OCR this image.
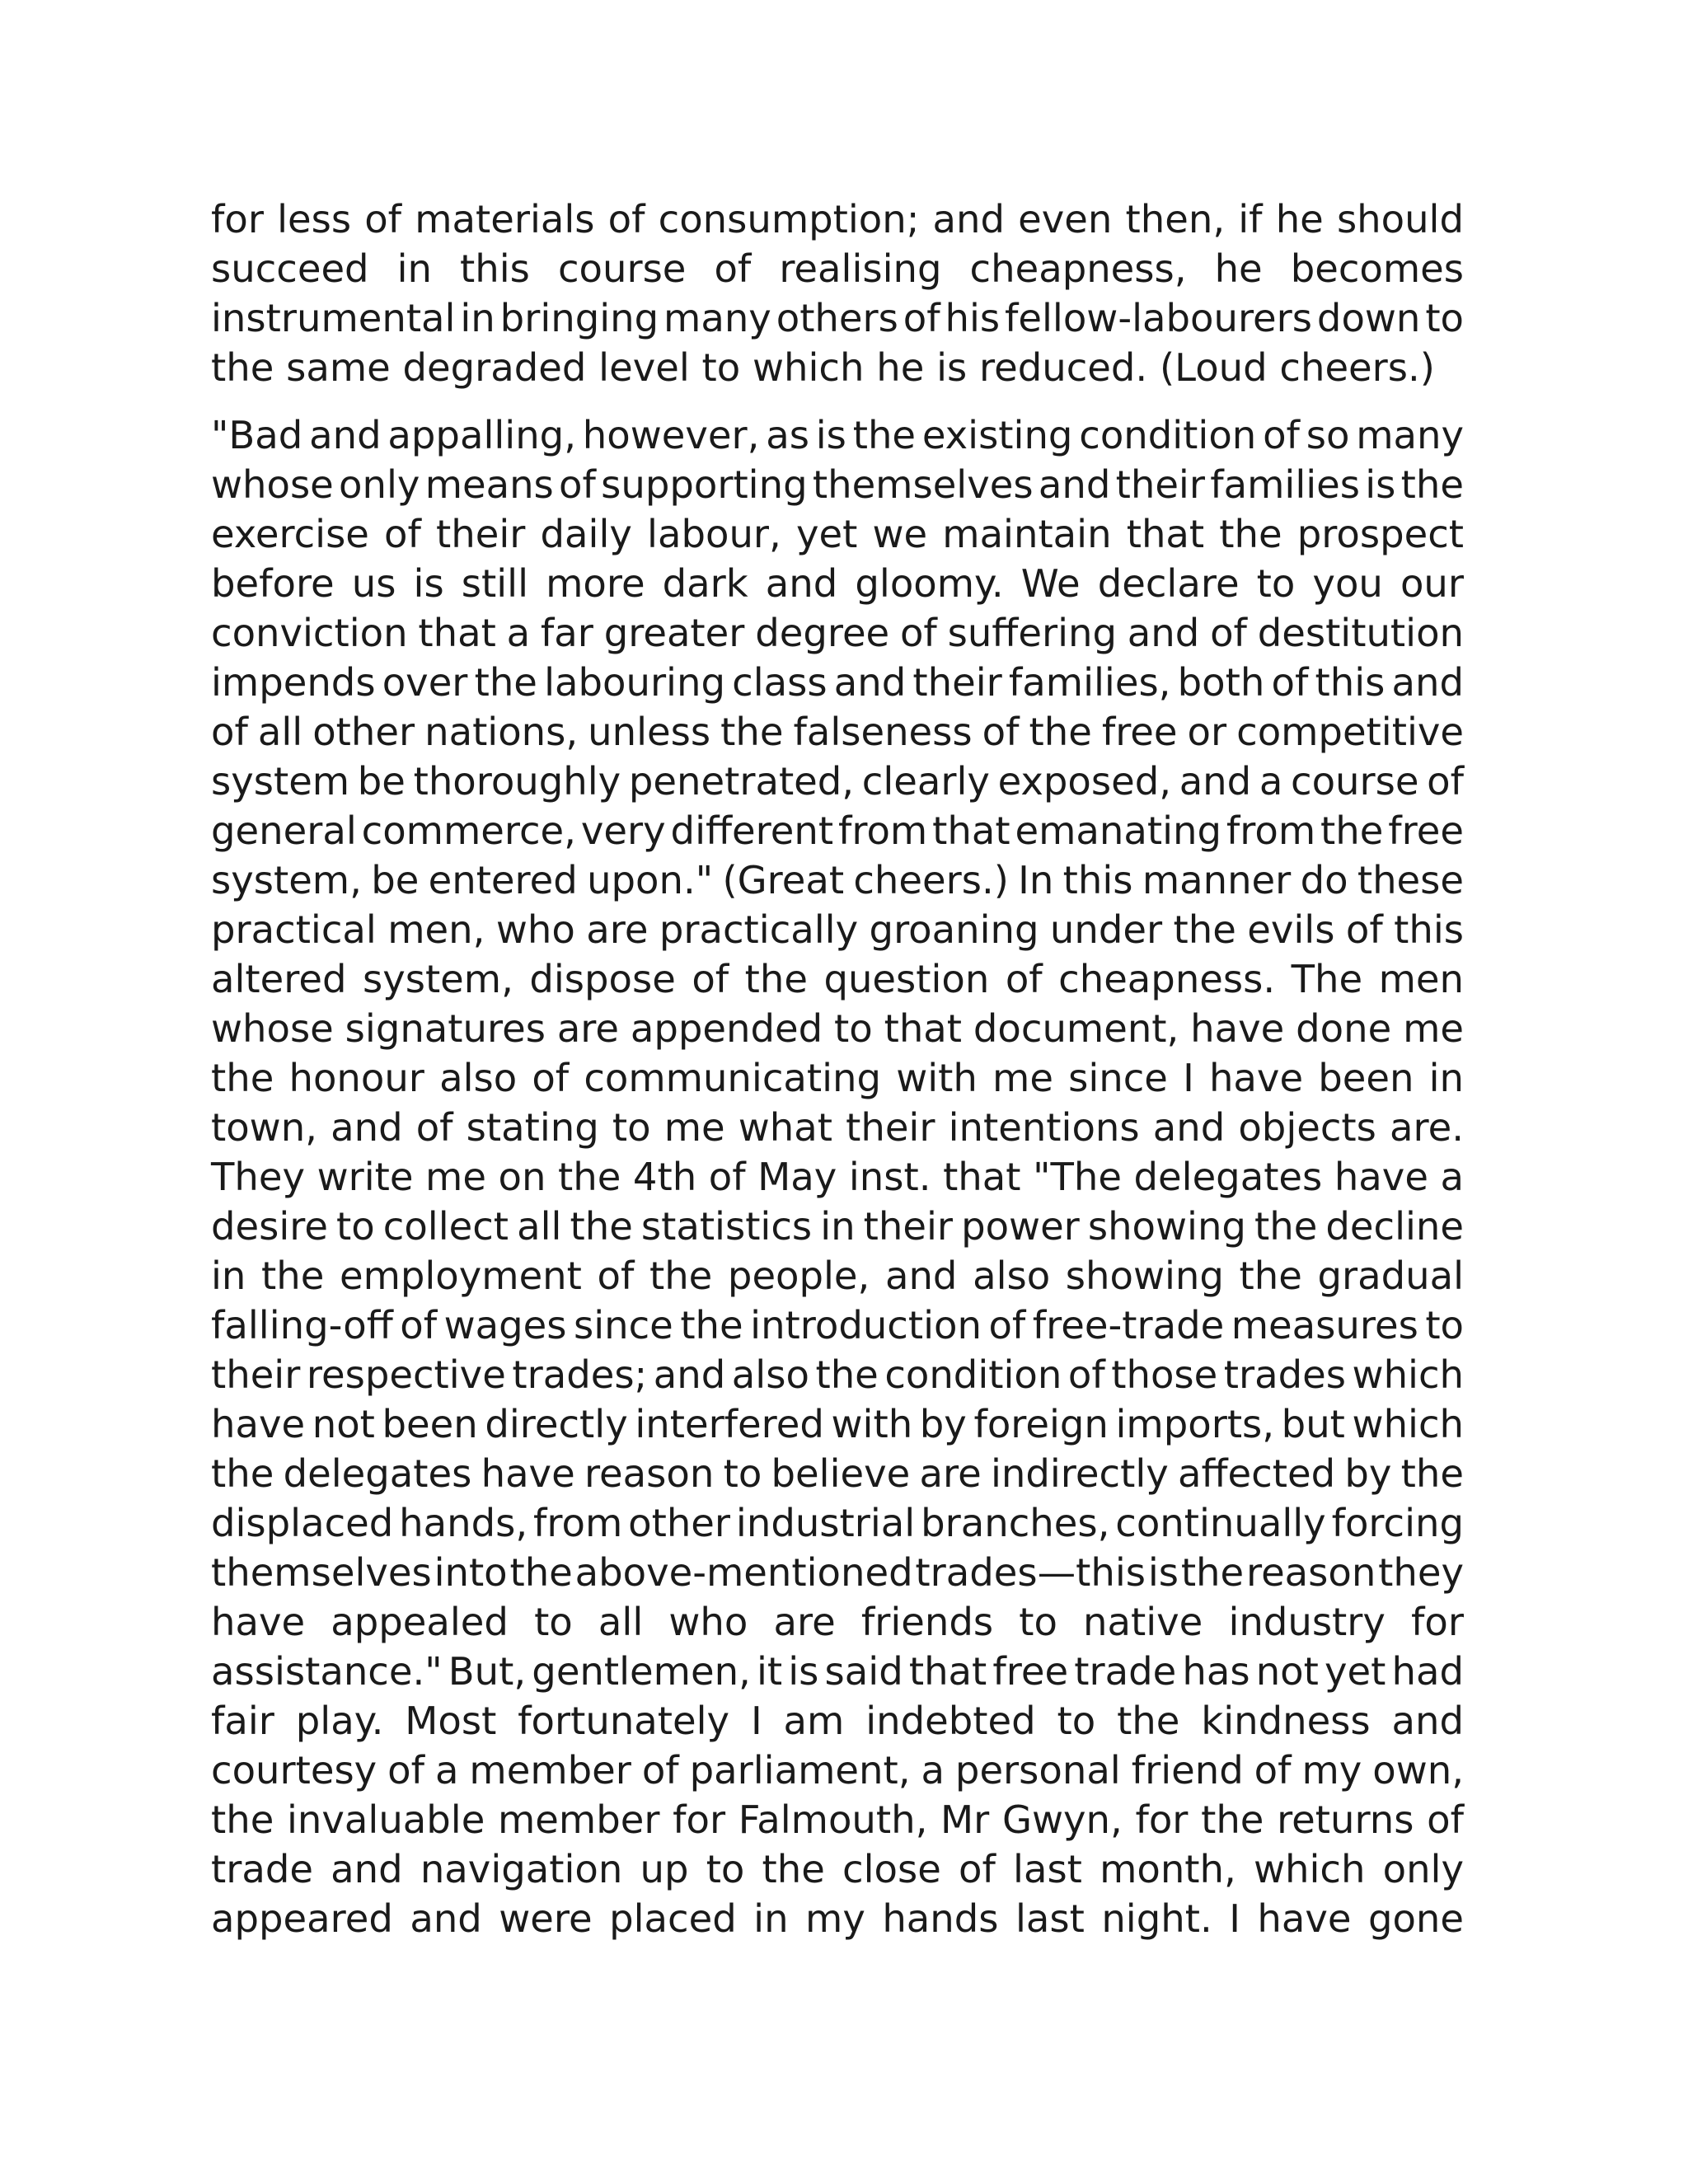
for less of materials of consumption; and even then, if he should
succeed in this course of realising cheapness, he becomes
instrumental in bringing many others of his fellow-labourers down to
the same degraded level to which he is reduced. (Loud cheers.)
"Bad and appalling, however, as is the existing condition of so many
whose only means of supporting themselves and their families is the
exercise of their daily labour, yet we maintain that the prospect
before us is still more dark and gloomy. We declare to you our
conviction that a far greater degree of suffering and of destitution
impends over the labouring class and their families, both of this and
of all other nations, unless the falseness of the free or competitive
system be thoroughly penetrated, clearly exposed, and a course of
general commerce, very different from that emanating from the free
system, be entered upon." (Great cheers.) In this manner do these
practical men, who are practically groaning under the evils of this
altered system, dispose of the question of cheapness. The men
whose signatures are appended to that document, have done me
the honour also of communicating with me since I have been in
town, and of stating to me what their intentions and objects are.
They write me on the 4th of May inst. that "The delegates have a
desire to collect all the statistics in their power showing the decline
in the employment of the people, and also showing the gradual
falling-off of wages since the introduction of free-trade measures to
their respective trades; and also the condition of those trades which
have not been directly interfered with by foreign imports, but which
the delegates have reason to believe are indirectly affected by the
displaced hands, from other industrial branches, continually forcing
themselves into the above-mentioned trades—this is the reason they
have appealed to all who are friends to native industry for
assistance." But, gentlemen, it is said that free trade has not yet had
fair play. Most fortunately I am indebted to the kindness and
courtesy of a member of parliament, a personal friend of my own,
the invaluable member for Falmouth, Mr Gwyn, for the returns of
trade and navigation up to the close of last month, which only
appeared and were placed in my hands last night. I have gone
